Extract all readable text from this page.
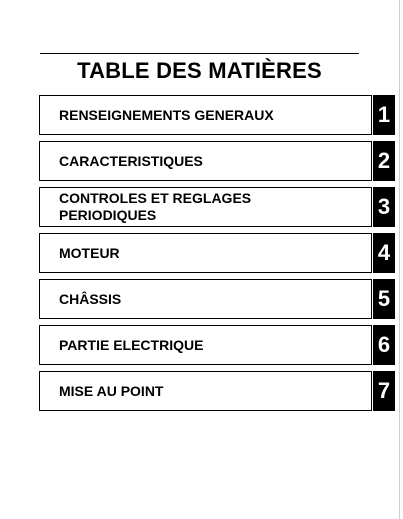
TABLE DES MATIÈRES
RENSEIGNEMENTS GENERAUX	1
CARACTERISTIQUES	2
CONTROLES ET REGLAGES
PERIODIQUES	3
MOTEUR	4
CHÂSSIS	5
PARTIE ELECTRIQUE	6
MISE AU POINT	7
